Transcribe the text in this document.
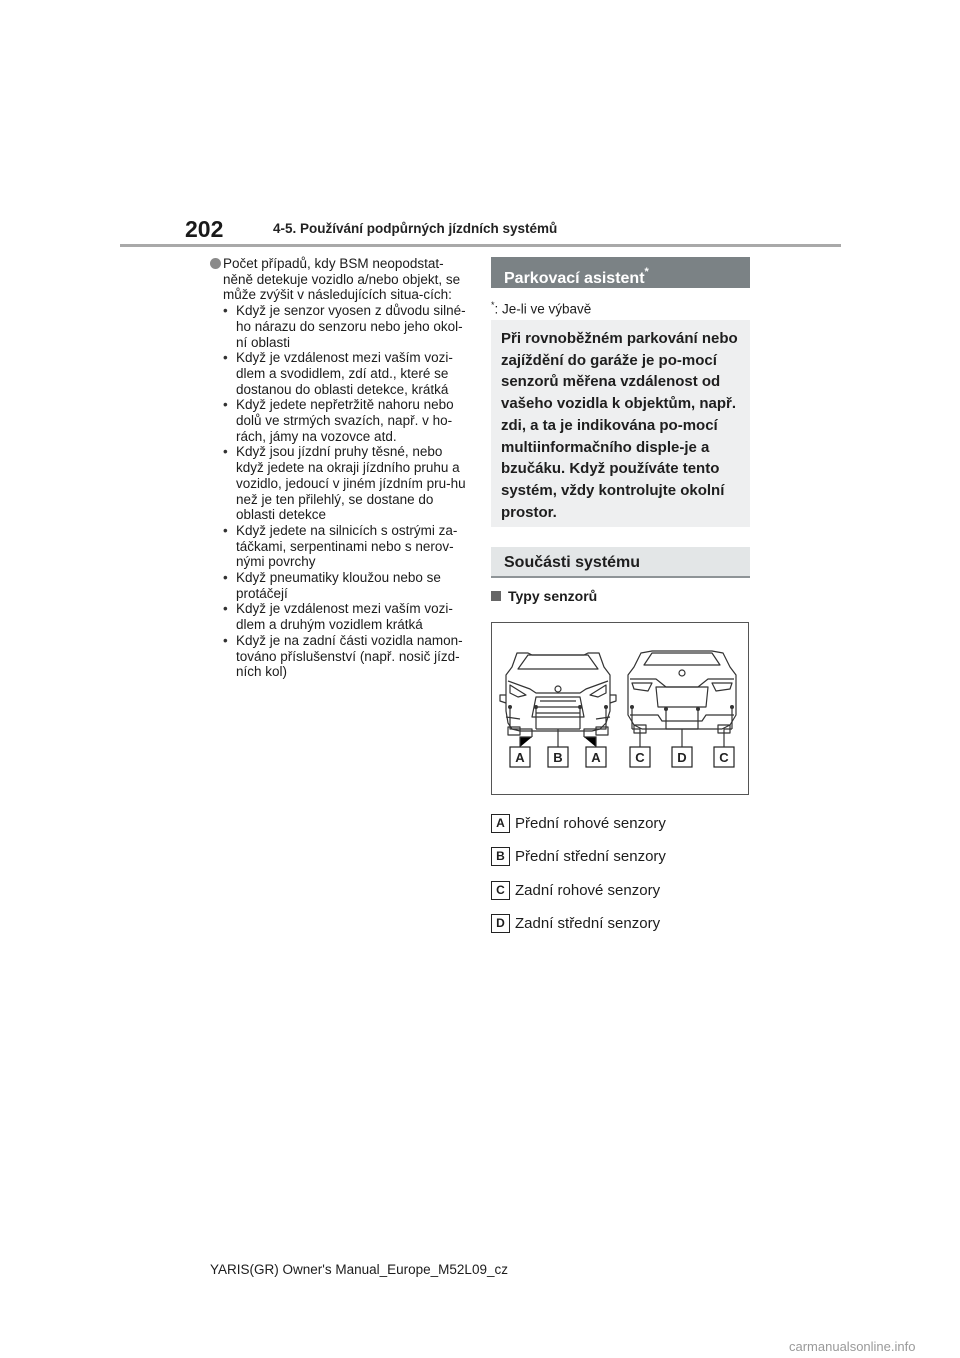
202	4-5. Používání podpůrných jízdních systémů
Počet případů, kdy BSM neopodstat-něně detekuje vozidlo a/nebo objekt, se může zvýšit v následujících situa-cích:
• Když je senzor vyosen z důvodu silné-ho nárazu do senzoru nebo jeho okol-ní oblasti
• Když je vzdálenost mezi vaším vozi-dlem a svodidlem, zdí atd., které se dostanou do oblasti detekce, krátká
• Když jedete nepřetržitě nahoru nebo dolů ve strmých svazích, např. v ho-rách, jámy na vozovce atd.
• Když jsou jízdní pruhy těsné, nebo když jedete na okraji jízdního pruhu a vozidlo, jedoucí v jiném jízdním pru-hu než je ten přilehlý, se dostane do oblasti detekce
• Když jedete na silnicích s ostrými za-táčkami, serpentinami nebo s nerov-nými povrchy
• Když pneumatiky kloužou nebo se protáčejí
• Když je vzdálenost mezi vaším vozi-dlem a druhým vozidlem krátká
• Když je na zadní části vozidla namon-továno příslušenství (např. nosič jízd-ních kol)
Parkovací asistent*
*: Je-li ve výbavě
Při rovnoběžném parkování nebo zajíždění do garáže je po-mocí senzorů měřena vzdálenost od vašeho vozidla k objektům, např. zdi, a ta je indikována po-mocí multiinformačního disple-je a bzučáku. Když používáte tento systém, vždy kontrolujte okolní prostor.
Součásti systému
Typy senzorů
A B A	C	D	C
A Přední rohové senzory
B Přední střední senzory
C Zadní rohové senzory
D Zadní střední senzory
YARIS(GR) Owner's Manual_Europe_M52L09_cz
carmanualsonline.info
